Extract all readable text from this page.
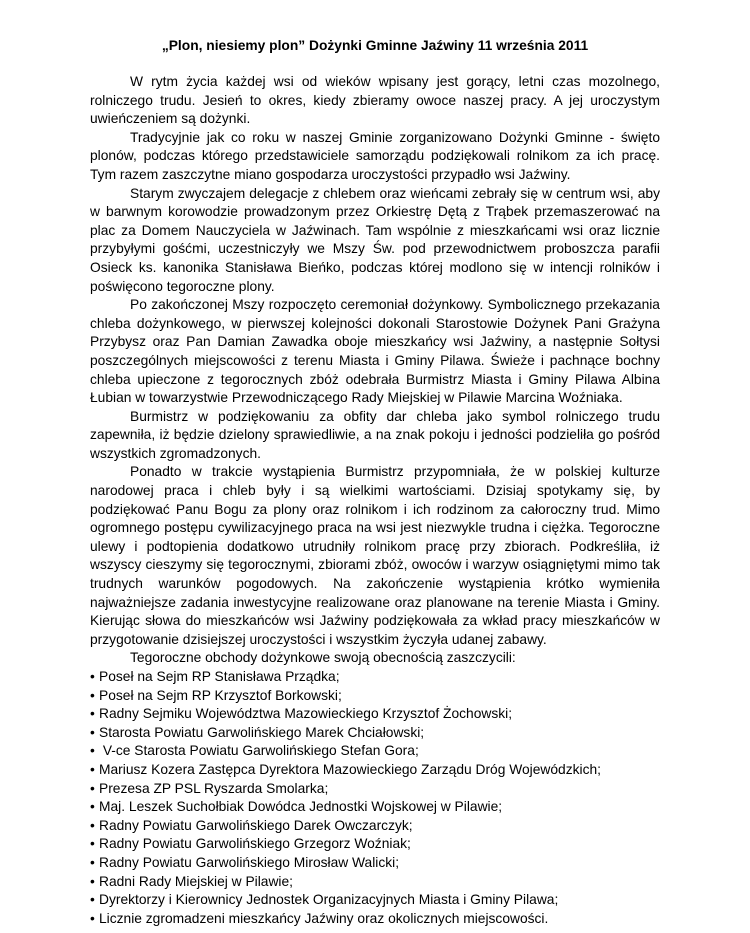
„Plon, niesiemy plon” Dożynki Gminne Jaźwiny 11 września 2011

W rytm życia każdej wsi od wieków wpisany jest gorący, letni czas mozolnego, rolniczego trudu. Jesień to okres, kiedy zbieramy owoce naszej pracy. A jej uroczystym uwieńczeniem są dożynki.

Tradycyjnie jak co roku w naszej Gminie zorganizowano Dożynki Gminne - święto plonów, podczas którego przedstawiciele samorządu podziękowali rolnikom za ich pracę. Tym razem zaszczytne miano gospodarza uroczystości przypadło wsi Jaźwiny.

Starym zwyczajem delegacje z chlebem oraz wieńcami zebrały się w centrum wsi, aby w barwnym korowodzie prowadzonym przez Orkiestrę Dętą z Trąbek przemaszerować na plac za Domem Nauczyciela w Jaźwinach. Tam wspólnie z mieszkańcami wsi oraz licznie przybyłymi gośćmi, uczestniczyły we Mszy Św. pod przewodnictwem proboszcza parafii Osieck ks. kanonika Stanisława Bieńko, podczas której modlono się w intencji rolników i poświęcono tegoroczne plony.

Po zakończonej Mszy rozpoczęto ceremoniał dożynkowy. Symbolicznego przekazania chleba dożynkowego, w pierwszej kolejności dokonali Starostowie Dożynek Pani Grażyna Przybysz oraz Pan Damian Zawadka oboje mieszkańcy wsi Jaźwiny, a następnie Sołtysi poszczególnych miejscowości z terenu Miasta i Gminy Pilawa. Świeże i pachnące bochny chleba upieczone z tegorocznych zbóż odebrała Burmistrz Miasta i Gminy Pilawa Albina Łubian w towarzystwie Przewodniczącego Rady Miejskiej w Pilawie Marcina Woźniaka.

Burmistrz w podziękowaniu za obfity dar chleba jako symbol rolniczego trudu zapewniła, iż będzie dzielony sprawiedliwie, a na znak pokoju i jedności podzieliła go pośród wszystkich zgromadzonych.

Ponadto w trakcie wystąpienia Burmistrz przypomniała, że w polskiej kulturze narodowej praca i chleb były i są wielkimi wartościami. Dzisiaj spotykamy się, by podziękować Panu Bogu za plony oraz rolnikom i ich rodzinom za całoroczny trud. Mimo ogromnego postępu cywilizacyjnego praca na wsi jest niezwykle trudna i ciężka. Tegoroczne ulewy i podtopienia dodatkowo utrudniły rolnikom pracę przy zbiorach. Podkreśliła, iż wszyscy cieszymy się tegorocznymi, zbiorami zbóż, owoców i warzyw osiągniętymi mimo tak trudnych warunków pogodowych. Na zakończenie wystąpienia krótko wymieniła najważniejsze zadania inwestycyjne realizowane oraz planowane na terenie Miasta i Gminy. Kierując słowa do mieszkańców wsi Jaźwiny podziękowała za wkład pracy mieszkańców w przygotowanie dzisiejszej uroczystości i wszystkim życzyła udanej zabawy.

Tegoroczne obchody dożynkowe swoją obecnością zaszczycili:

• Poseł na Sejm RP Stanisława Prządka;
• Poseł na Sejm RP Krzysztof Borkowski;
• Radny Sejmiku Województwa Mazowieckiego Krzysztof Żochowski;
• Starosta Powiatu Garwolińskiego Marek Chciałowski;
• V-ce Starosta Powiatu Garwolińskiego Stefan Gora;
• Mariusz Kozera Zastępca Dyrektora Mazowieckiego Zarządu Dróg Wojewódzkich;
• Prezesa ZP PSL Ryszarda Smolarka;
• Maj. Leszek Suchołbiak Dowódca Jednostki Wojskowej w Pilawie;
• Radny Powiatu Garwolińskiego Darek Owczarczyk;
• Radny Powiatu Garwolińskiego Grzegorz Woźniak;
• Radny Powiatu Garwolińskiego Mirosław Walicki;
• Radni Rady Miejskiej w Pilawie;
• Dyrektorzy i Kierownicy Jednostek Organizacyjnych Miasta i Gminy Pilawa;
• Licznie zgromadzeni mieszkańcy Jaźwiny oraz okolicznych miejscowości.
